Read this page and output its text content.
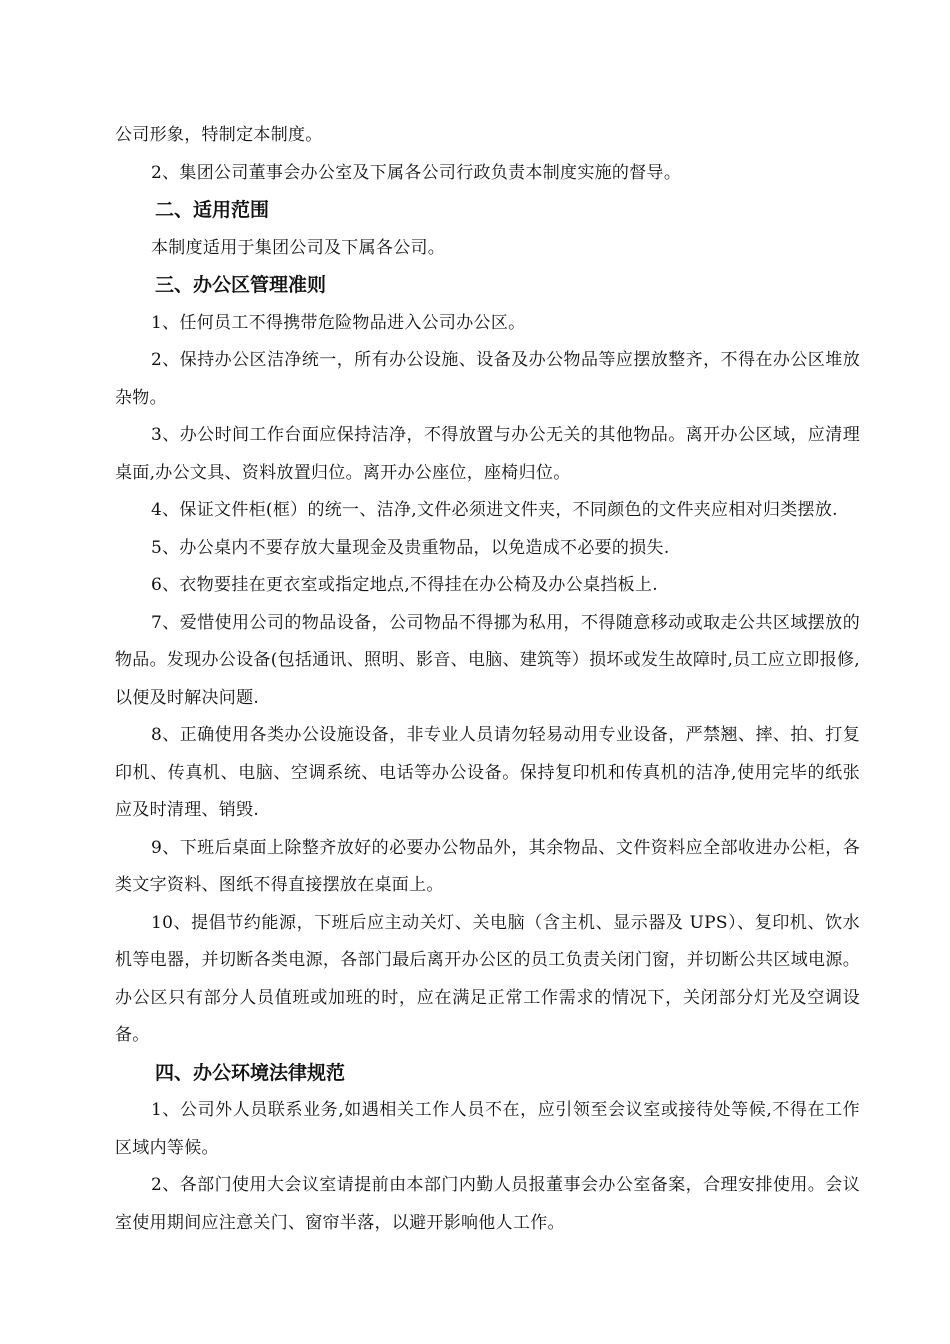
公司形象，特制定本制度。

2、集团公司董事会办公室及下属各公司行政负责本制度实施的督导。

二、适用范围

本制度适用于集团公司及下属各公司。

三、办公区管理准则

1、任何员工不得携带危险物品进入公司办公区。

2、保持办公区洁净统一，所有办公设施、设备及办公物品等应摆放整齐，不得在办公区堆放杂物。

3、办公时间工作台面应保持洁净，不得放置与办公无关的其他物品。离开办公区域，应清理桌面,办公文具、资料放置归位。离开办公座位，座椅归位。

4、保证文件柜(框）的统一、洁净,文件必须进文件夹，不同颜色的文件夹应相对归类摆放.

5、办公桌内不要存放大量现金及贵重物品，以免造成不必要的损失.

6、衣物要挂在更衣室或指定地点,不得挂在办公椅及办公桌挡板上.

7、爱惜使用公司的物品设备，公司物品不得挪为私用，不得随意移动或取走公共区域摆放的物品。发现办公设备(包括通讯、照明、影音、电脑、建筑等）损坏或发生故障时,员工应立即报修,以便及时解决问题.

8、正确使用各类办公设施设备，非专业人员请勿轻易动用专业设备，严禁翘、摔、拍、打复印机、传真机、电脑、空调系统、电话等办公设备。保持复印机和传真机的洁净,使用完毕的纸张应及时清理、销毁.

9、下班后桌面上除整齐放好的必要办公物品外，其余物品、文件资料应全部收进办公柜，各类文字资料、图纸不得直接摆放在桌面上。

10、提倡节约能源，下班后应主动关灯、关电脑（含主机、显示器及 UPS）、复印机、饮水机等电器，并切断各类电源，各部门最后离开办公区的员工负责关闭门窗，并切断公共区域电源。办公区只有部分人员值班或加班的时，应在满足正常工作需求的情况下，关闭部分灯光及空调设备。

四、办公环境法律规范

1、公司外人员联系业务,如遇相关工作人员不在，应引领至会议室或接待处等候,不得在工作区域内等候。

2、各部门使用大会议室请提前由本部门内勤人员报董事会办公室备案，合理安排使用。会议室使用期间应注意关门、窗帘半落，以避开影响他人工作。
